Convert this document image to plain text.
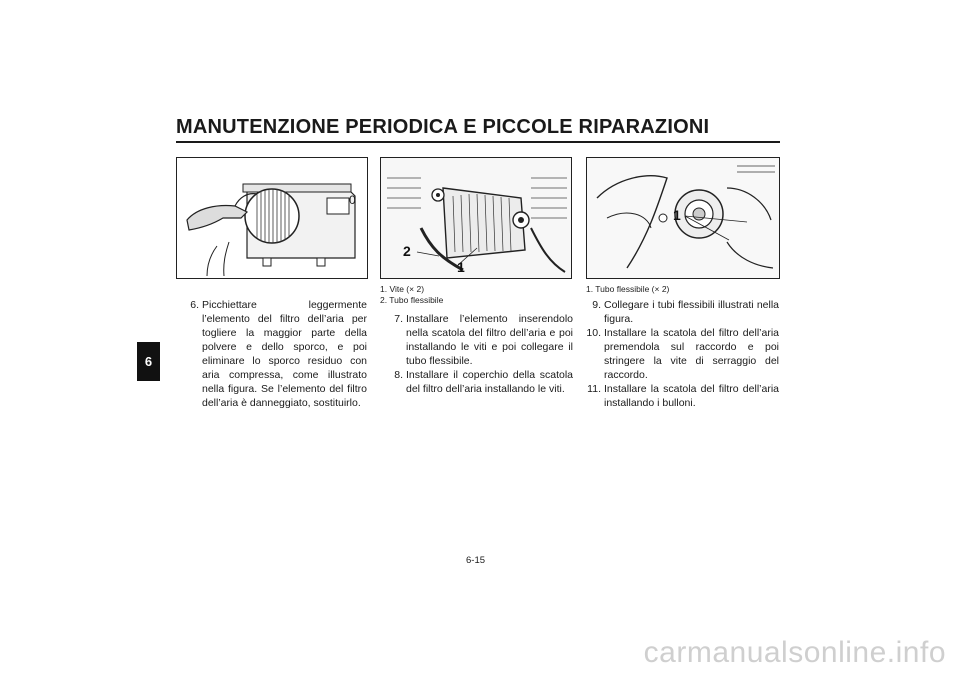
MANUTENZIONE PERIODICA E PICCOLE RIPARAZIONI
6
0
2
1
1
1. Vite (× 2)
2. Tubo flessibile
1. Tubo flessibile (× 2)
6. Picchiettare leggermente l’elemento del filtro dell’aria per togliere la maggior parte della polvere e dello sporco, e poi eliminare lo sporco residuo con aria compressa, come illustrato nella figura. Se l’elemento del filtro dell’aria è danneggiato, sostituirlo.
7. Installare l’elemento inserendolo nella scatola del filtro dell’aria e poi installando le viti e poi collegare il tubo flessibile.
8. Installare il coperchio della scatola del filtro dell’aria installando le viti.
9. Collegare i tubi flessibili illustrati nella figura.
10. Installare la scatola del filtro dell’aria premendola sul raccordo e poi stringere la vite di serraggio del raccordo.
11. Installare la scatola del filtro dell’aria installando i bulloni.
6-15
carmanualsonline.info
